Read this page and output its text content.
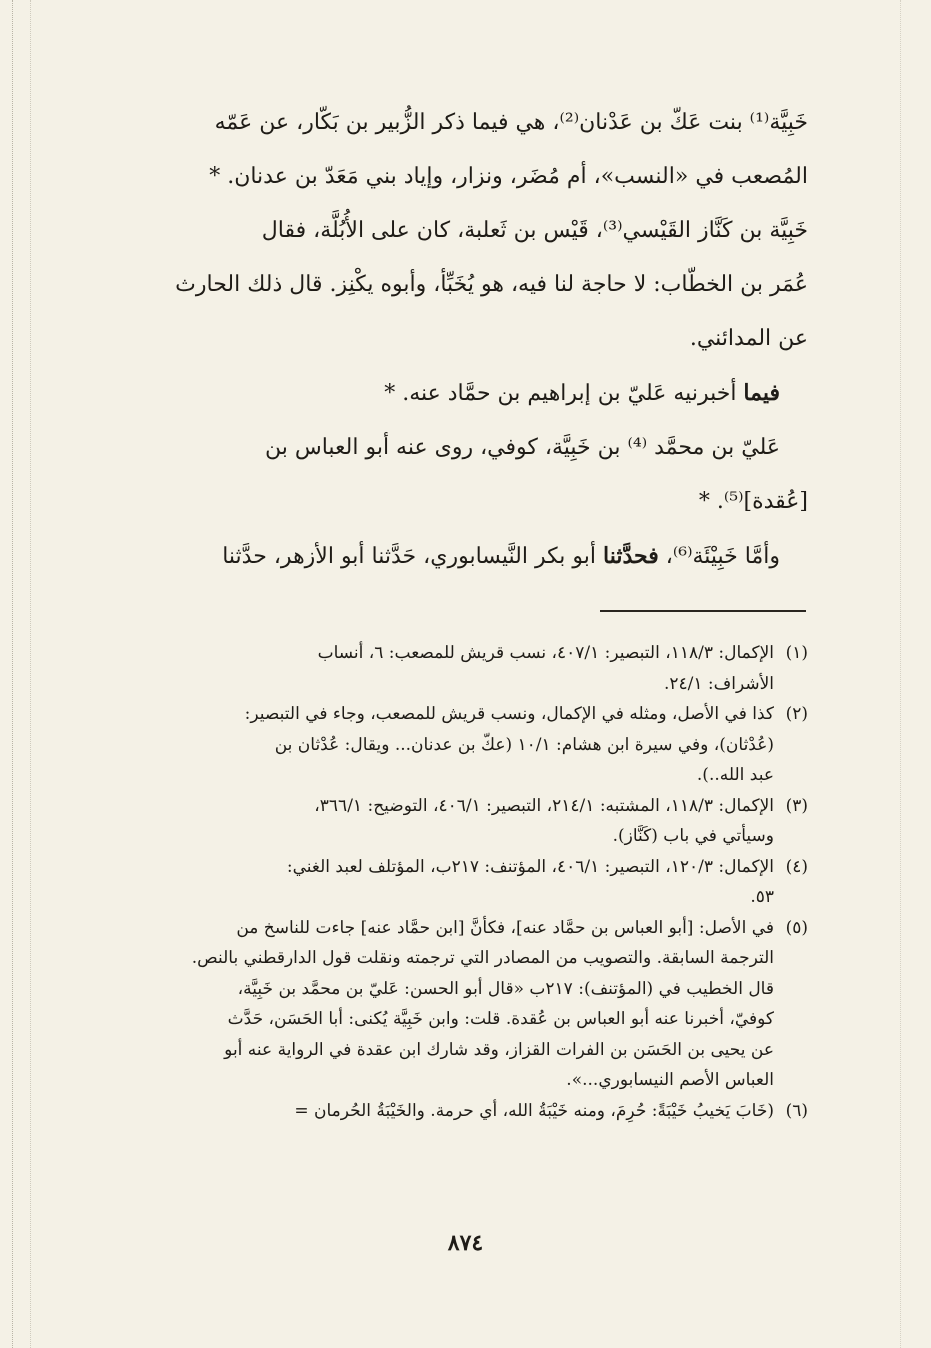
خَبِيَّة⁽¹⁾ بنت عَكّ بن عَدْنان⁽²⁾، هي فيما ذكر الزُّبير بن بَكّار، عن عَمّه
المُصعب في «النسب»، أم مُضَر، ونزار، وإياد بني مَعَدّ بن عدنان. *
خَبِيَّة بن كَنَّاز القَيْسي⁽³⁾، قَيْس بن ثَعلبة، كان على الأُبُلَّة، فقال
عُمَر بن الخطّاب: لا حاجة لنا فيه، هو يُخَبِّأ، وأبوه يكْنِز. قال ذلك الحارث
عن المدائني.
فيما أخبرنيه عَليّ بن إبراهيم بن حمَّاد عنه. *
عَليّ بن محمَّد ⁽⁴⁾ بن خَبِيَّة، كوفي، روى عنه أبو العباس بن
[عُقدة]⁽⁵⁾. *
وأمَّا خَبِيْئَة⁽⁶⁾، فحدَّثنا أبو بكر النَّيسابوري، حَدَّثنا أبو الأزهر، حدَّثنا
(١)الإكمال: ١١٨/٣، التبصير: ٤٠٧/١، نسب قريش للمصعب: ٦، أنساب
الأشراف: ٢٤/١.
(٢)كذا في الأصل، ومثله في الإكمال، ونسب قريش للمصعب، وجاء في التبصير:
(عُدْثان)، وفي سيرة ابن هشام: ١٠/١ (عكّ بن عدنان... ويقال: عُدْثان بن
عبد الله..).
(٣)الإكمال: ١١٨/٣، المشتبه: ٢١٤/١، التبصير: ٤٠٦/١، التوضيح: ٣٦٦/١،
وسيأتي في باب (كَنَّاز).
(٤)الإكمال: ١٢٠/٣، التبصير: ٤٠٦/١، المؤتنف: ٢١٧ب، المؤتلف لعبد الغني:
٥٣.
(٥)في الأصل: [أبو العباس بن حمَّاد عنه]، فكأنَّ [ابن حمَّاد عنه] جاءت للناسخ من
الترجمة السابقة. والتصويب من المصادر التي ترجمته ونقلت قول الدارقطني بالنص.
قال الخطيب في (المؤتنف): ٢١٧ب «قال أبو الحسن: عَليّ بن محمَّد بن خَبِيَّة،
كوفيّ، أخبرنا عنه أبو العباس بن عُقدة. قلت: وابن خَبِيَّة يُكنى: أبا الحَسَن، حَدَّث
عن يحيى بن الحَسَن بن الفرات القزاز، وقد شارك ابن عقدة في الرواية عنه أبو
العباس الأصم النيسابوري...».
(٦)(خَابَ يَخيبُ خَيْبَةً: حُرِمَ، ومنه خَيْبَةُ الله، أي حرمة. والخَيْبَةُ الحُرمان =
٨٧٤
